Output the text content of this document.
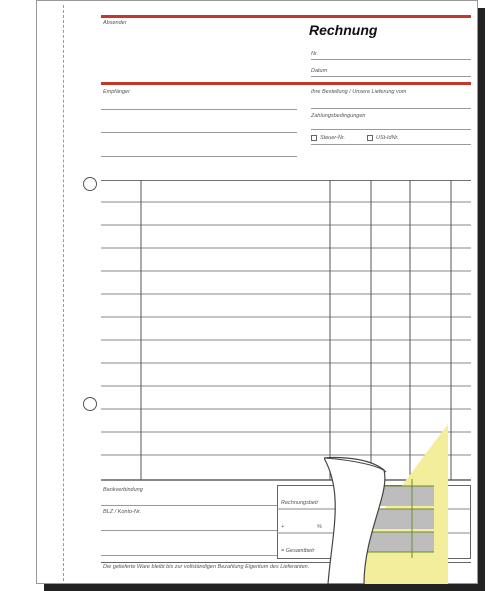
Absender	Rechnung
Nr.
Datum
Empfänger	Ihre Bestellung / Unsere Lieferung vom
Zahlungsbedingungen
Steuer-Nr.	USt-IdNr.
Bankverbindung
BLZ / Konto-Nr.
Rechnungsbetr
+	%
= Gesamtbetr
Die gelieferte Ware bleibt bis zur vollständigen Bezahlung Eigentum des Lieferanten.
